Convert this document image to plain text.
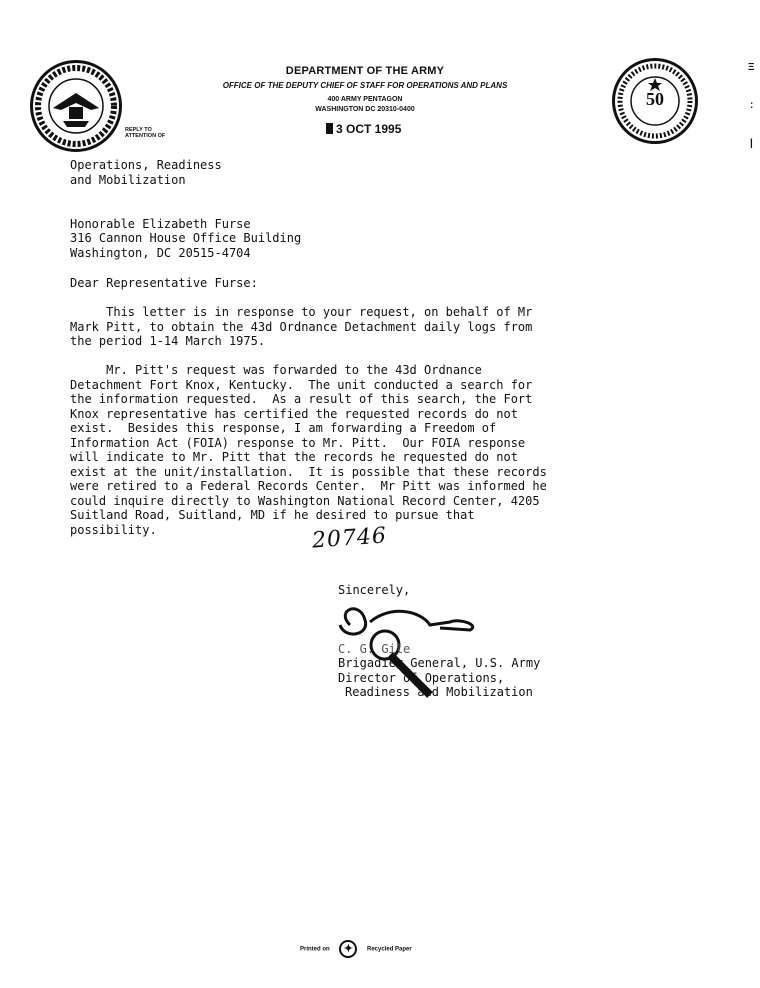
50
DEPARTMENT OF THE ARMY
OFFICE OF THE DEPUTY CHIEF OF STAFF FOR OPERATIONS AND PLANS
400 ARMY PENTAGON
WASHINGTON DC 20310-0400
REPLY TO
ATTENTION OF	3 OCT 1995
Ξ
:
|
Operations, Readiness
and Mobilization
Honorable Elizabeth Furse
316 Cannon House Office Building
Washington, DC 20515-4704
Dear Representative Furse:
This letter is in response to your request, on behalf of Mr
Mark Pitt, to obtain the 43d Ordnance Detachment daily logs from
the period 1-14 March 1975.
Mr. Pitt's request was forwarded to the 43d Ordnance
Detachment Fort Knox, Kentucky.  The unit conducted a search for
the information requested.  As a result of this search, the Fort
Knox representative has certified the requested records do not
exist.  Besides this response, I am forwarding a Freedom of
Information Act (FOIA) response to Mr. Pitt.  Our FOIA response
will indicate to Mr. Pitt that the records he requested do not
exist at the unit/installation.  It is possible that these records
were retired to a Federal Records Center.  Mr Pitt was informed he
could inquire directly to Washington National Record Center, 4205
Suitland Road, Suitland, MD if he desired to pursue that
possibility.	20746
Sincerely,
C. G. Gile
Brigadier General, U.S. Army
Director of Operations,
Readiness and Mobilization
Printed on ✦ Recycled Paper
